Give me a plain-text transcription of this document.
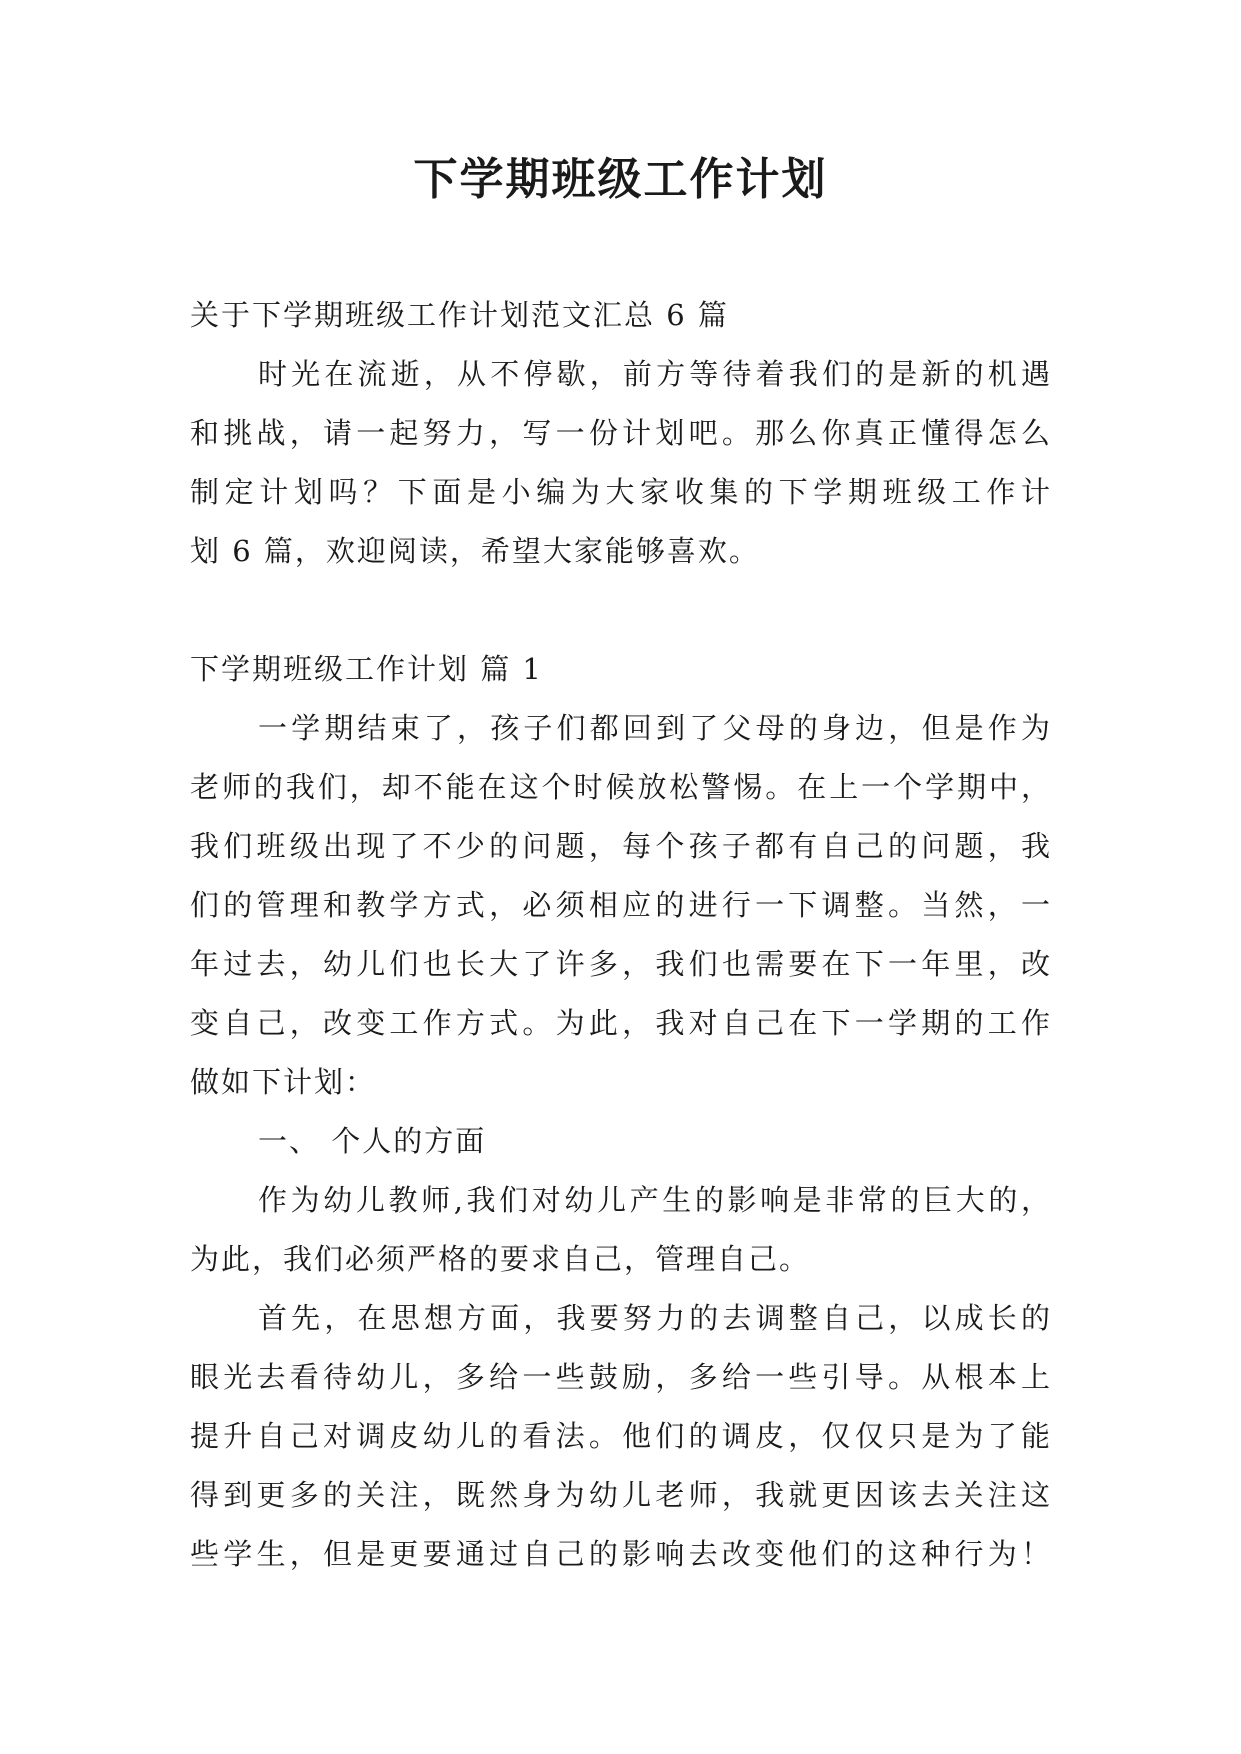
下学期班级工作计划
关于下学期班级工作计划范文汇总 6 篇
时光在流逝，从不停歇，前方等待着我们的是新的机遇
和挑战，请一起努力，写一份计划吧。那么你真正懂得怎么
制定计划吗？下面是小编为大家收集的下学期班级工作计
划 6 篇，欢迎阅读，希望大家能够喜欢。
下学期班级工作计划 篇 1
一学期结束了，孩子们都回到了父母的身边，但是作为
老师的我们，却不能在这个时候放松警惕。在上一个学期中，
我们班级出现了不少的问题，每个孩子都有自己的问题，我
们的管理和教学方式，必须相应的进行一下调整。当然，一
年过去，幼儿们也长大了许多，我们也需要在下一年里，改
变自己，改变工作方式。为此，我对自己在下一学期的工作
做如下计划：
一、 个人的方面
作为幼儿教师,我们对幼儿产生的影响是非常的巨大的，
为此，我们必须严格的要求自己，管理自己。
首先，在思想方面，我要努力的去调整自己，以成长的
眼光去看待幼儿，多给一些鼓励，多给一些引导。从根本上
提升自己对调皮幼儿的看法。他们的调皮，仅仅只是为了能
得到更多的关注，既然身为幼儿老师，我就更因该去关注这
些学生，但是更要通过自己的影响去改变他们的这种行为！
